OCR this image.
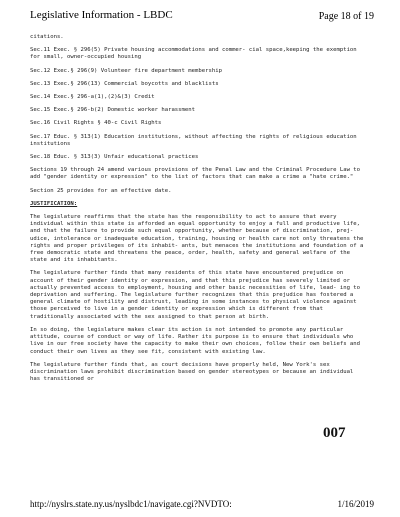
Legislative Information - LBDC	Page 18 of 19

citations.

Sec.11 Exec. § 296(5) Private housing accommodations and commer- cial space,keeping the exemption for small, owner-occupied housing

Sec.12 Exec.§ 296(9) Volunteer fire department membership

Sec.13 Exec.§ 296(13) Commercial boycotts and blacklists

Sec.14 Exec.§ 296-a(1),(2)&(3) Credit

Sec.15 Exec.§ 296-b(2) Domestic worker harassment

Sec.16 Civil Rights § 40-c Civil Rights

Sec.17 Educ. § 313(1) Education institutions, without affecting the rights of religious education institutions

Sec.18 Educ. § 313(3) Unfair educational practices

Sections 19 through 24 amend various provisions of the Penal Law and the Criminal Procedure Law to add "gender identity or expression" to the list of factors that can make a crime a "hate crime."

Section 25 provides for an effective date.

JUSTIFICATION:

The legislature reaffirms that the state has the responsibility to act to assure that every individual within this state is afforded an equal opportunity to enjoy a full and productive life, and that the failure to provide such equal opportunity, whether because of discrimination, prej- udice, intolerance or inadequate education, training, housing or health care not only threatens the rights and proper privileges of its inhabit- ants, but menaces the institutions and foundation of a free democratic state and threatens the peace, order, health, safety and general welfare of the state and its inhabitants.

The legislature further finds that many residents of this state have encountered prejudice on account of their gender identity or expression, and that this prejudice has severely limited or actually prevented access to employment, housing and other basic necessities of life, lead- ing to deprivation and suffering. The legislature further recognizes that this prejudice has fostered a general climate of hostility and distrust, leading in some instances to physical violence against those perceived to live in a gender identity or expression which is different from that traditionally associated with the sex assigned to that person at birth.

In so doing, the legislature makes clear its action is not intended to promote any particular attitude, course of conduct or way of life. Rather its purpose is to ensure that individuals who live in our free society have the capacity to make their own choices, follow their own beliefs and conduct their own lives as they see fit, consistent with existing law.

The legislature further finds that, as court decisions have properly held, New York's sex discrimination laws prohibit discrimination based on gender stereotypes or because an individual has transitioned or

007
http://nyslrs.state.ny.us/nyslbdc1/navigate.cgi?NVDTO:	1/16/2019
